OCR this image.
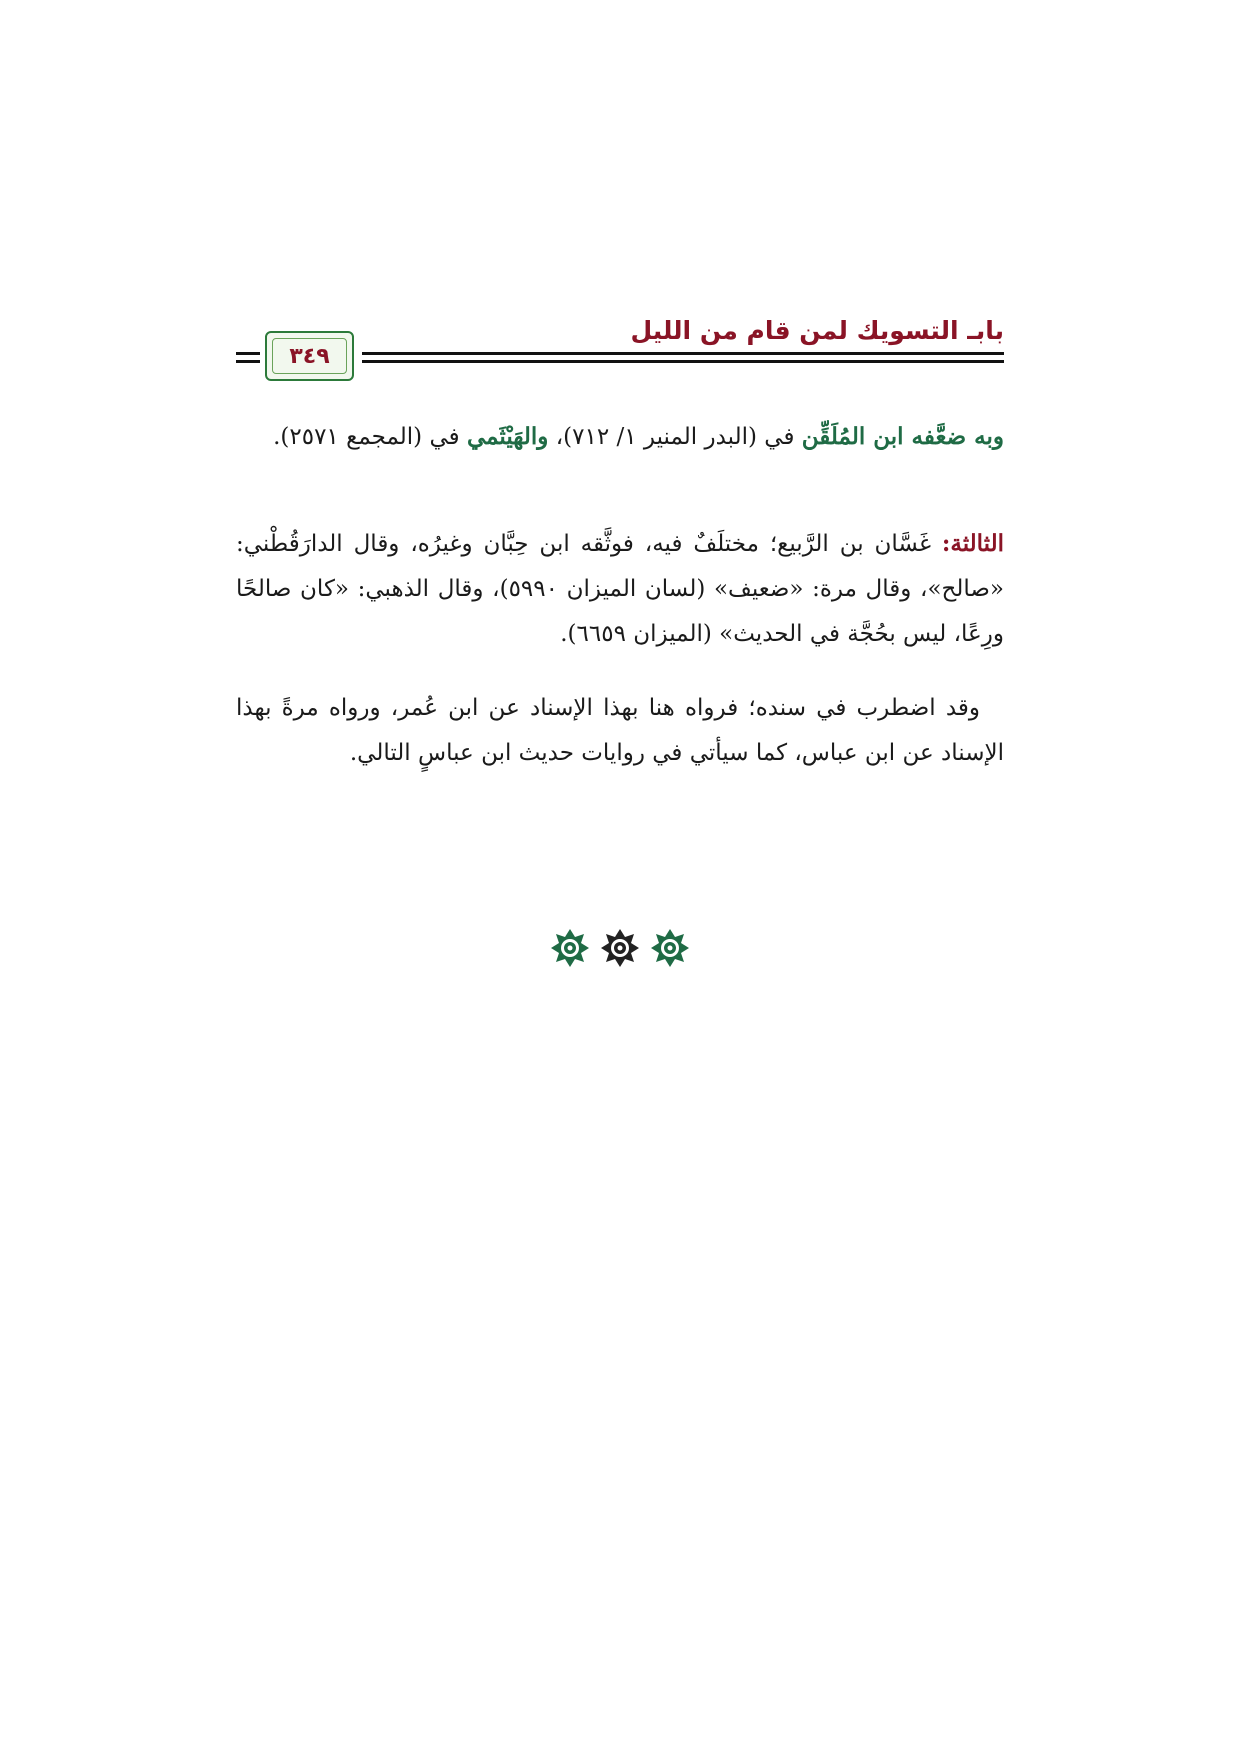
بابـ التسويك لمن قام من الليل
٣٤٩

وبه ضعَّفه ابن المُلَقِّن في (البدر المنير ١/ ٧١٢)، والهَيْثَمي في (المجمع ٢٥٧١).

الثالثة: غَسَّان بن الرَّبيع؛ مختلَفٌ فيه، فوثَّقه ابن حِبَّان وغيرُه، وقال الدارَقُطْني: «صالح»، وقال مرة: «ضعيف» (لسان الميزان ٥٩٩٠)، وقال الذهبي: «كان صالحًا ورِعًا، ليس بحُجَّة في الحديث» (الميزان ٦٦٥٩).

وقد اضطرب في سنده؛ فرواه هنا بهذا الإسناد عن ابن عُمر، ورواه مرةً بهذا الإسناد عن ابن عباس، كما سيأتي في روايات حديث ابن عباسٍ التالي.
